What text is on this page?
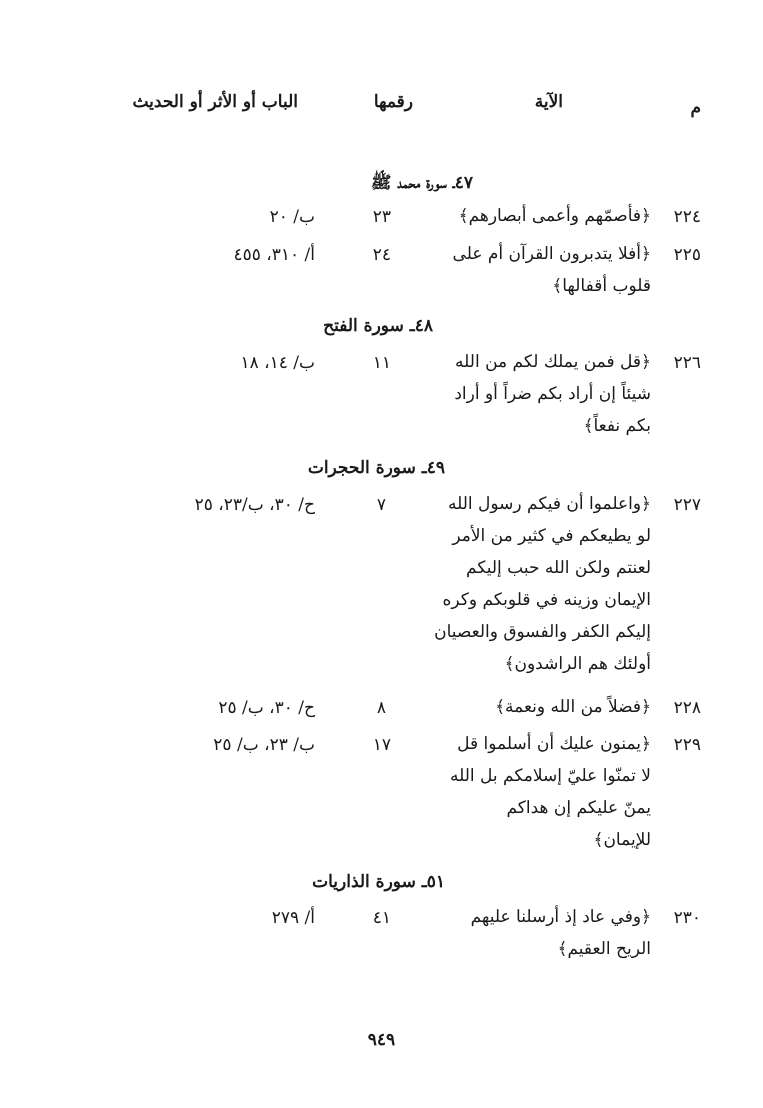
م
الآية
رقمها
الباب أو الأثر أو الحديث
٤٧ـ سورة محمد ﷺ
٢٢٤
﴿فأصمّهم وأعمى أبصارهم﴾
٢٣
ب/ ٢٠
٢٢٥
﴿أفلا يتدبرون القرآن أم على
قلوب أقفالها﴾
٢٤
أ/ ٣١٠، ٤٥٥
٤٨ـ سورة الفتح
٢٢٦
﴿قل فمن يملك لكم من الله
شيئاً إن أراد بكم ضراً أو أراد
بكم نفعاً﴾
١١
ب/ ١٤، ١٨
٤٩ـ سورة الحجرات
٢٢٧
﴿واعلموا أن فيكم رسول الله
لو يطيعكم في كثير من الأمر
لعنتم ولكن الله حبب إليكم
الإيمان وزينه في قلوبكم وكره
إليكم الكفر والفسوق والعصيان
أولئك هم الراشدون﴾
٧
ح/ ٣٠، ب/٢٣، ٢٥
٢٢٨
﴿فضلاً من الله ونعمة﴾
٨
ح/ ٣٠، ب/ ٢٥
٢٢٩
﴿يمنون عليك أن أسلموا قل
لا تمنّوا عليّ إسلامكم بل الله
يمنّ عليكم إن هداكم
للإيمان﴾
١٧
ب/ ٢٣، ب/ ٢٥
٥١ـ سورة الذاريات
٢٣٠
﴿وفي عاد إذ أرسلنا عليهم
الريح العقيم﴾
٤١
أ/ ٢٧٩
٩٤٩
